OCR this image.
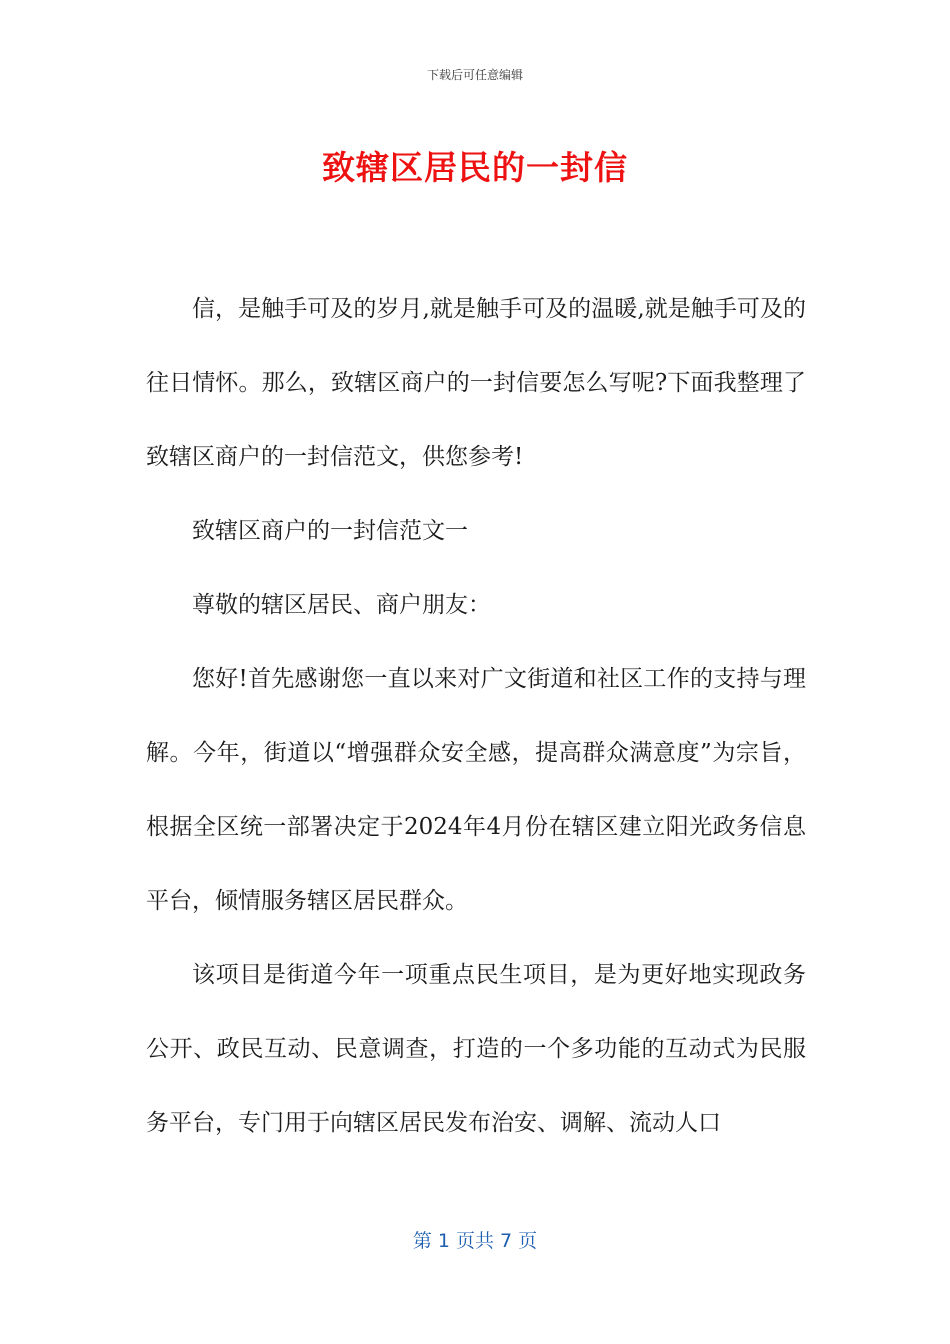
下载后可任意编辑
致辖区居民的一封信

信，是触手可及的岁月,就是触手可及的温暖,就是触手可及的往日情怀。那么，致辖区商户的一封信要怎么写呢?下面我整理了致辖区商户的一封信范文，供您参考!

致辖区商户的一封信范文一

尊敬的辖区居民、商户朋友：

您好!首先感谢您一直以来对广文街道和社区工作的支持与理解。今年，街道以“增强群众安全感，提高群众满意度”为宗旨，根据全区统一部署决定于2024年4月份在辖区建立阳光政务信息平台，倾情服务辖区居民群众。

该项目是街道今年一项重点民生项目，是为更好地实现政务公开、政民互动、民意调查，打造的一个多功能的互动式为民服务平台，专门用于向辖区居民发布治安、调解、流动人口

第 1 页共 7 页
